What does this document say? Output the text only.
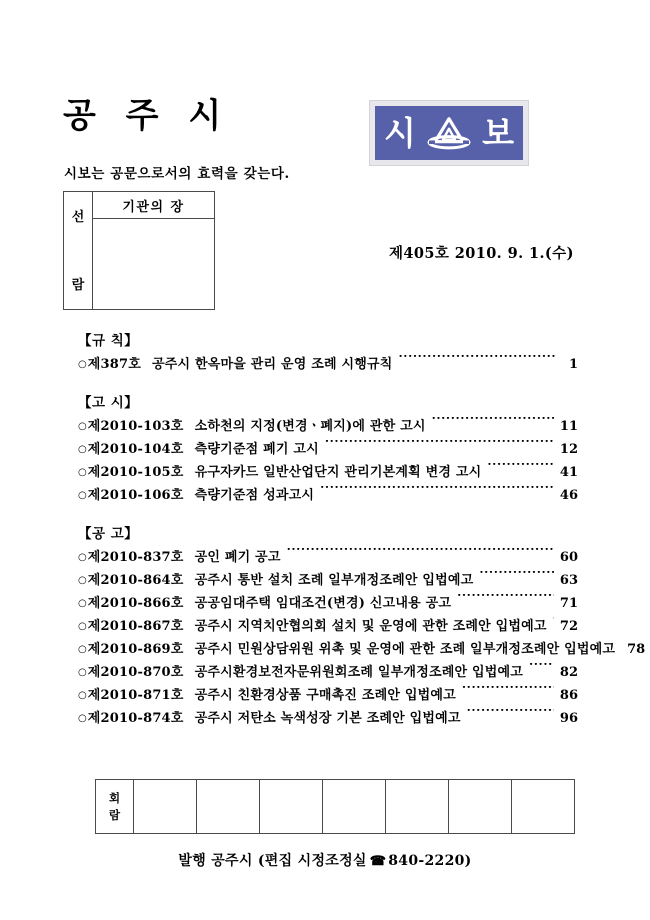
공 주 시
시보는 공문으로서의 효력을 갖는다.
시 보
선
람
기관의 장
제405호 2010. 9. 1.(수)
【규 칙】
○ 제387호 공주시 한옥마을 관리 운영 조례 시행규칙 ·····	1
【고 시】
○ 제2010-103호 소하천의 지정(변경ㆍ폐지)에 관한 고시 ·····	11
○ 제2010-104호 측량기준점 폐기 고시 ·····	12
○ 제2010-105호 유구자카드 일반산업단지 관리기본계획 변경 고시 ·····	41
○ 제2010-106호 측량기준점 성과고시 ·····	46
【공 고】
○ 제2010-837호 공인 폐기 공고 ·····	60
○ 제2010-864호 공주시 통반 설치 조례 일부개정조례안 입법예고 ·····	63
○ 제2010-866호 공공임대주택 임대조건(변경) 신고내용 공고 ·····	71
○ 제2010-867호 공주시 지역치안협의회 설치 및 운영에 관한 조례안 입법예고 ····· 72
○ 제2010-869호 공주시 민원상담위원 위촉 및 운영에 관한 조례 일부개정조례안 입법예고 78
○ 제2010-870호 공주시환경보전자문위원회조례 일부개정조례안 입법예고 ·····	82
○ 제2010-871호 공주시 친환경상품 구매촉진 조례안 입법예고 ·····	86
○ 제2010-874호 공주시 저탄소 녹색성장 기본 조례안 입법예고 ·····	96
회
람
발행 공주시 (편집 시정조정실 ☎ 840-2220)
